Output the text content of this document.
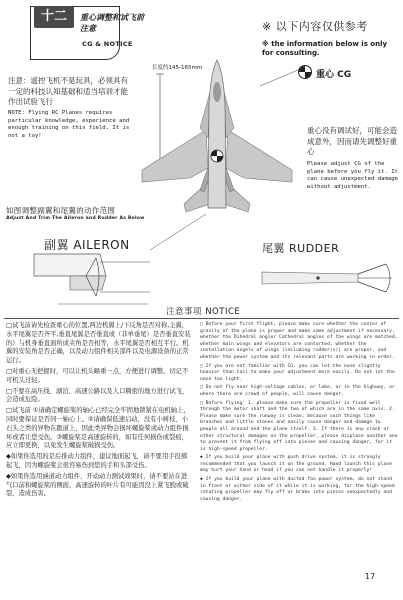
十二	重心调整和试飞前注意
CG & NOTICE
※ 以下内容仅供参考
※ the information below is only for consulting.
重心 CG
注意：遥控飞机不是玩具，必须具有一定的科技认知基础和适当培训才能作出试验飞行
NOTE: Flying RC Planes requires particular knowledge, experience and enough training on this field. It is not a toy!
重心没有调试好，可能会造成意外，因而请先调整好重心
Please adjust CG of the plane before you fly it. It can cause unexpected damage without adjustment.
长度约145-165mm
如图调整副翼和尾翼的动作范围
Adjust And Trim The Aileron and Rudder As Below
副翼 AILERON	尾翼 RUDDER
注意事项 NOTICE

□试飞前请先检查重心的位置,两边机翼上/下反角是否对称,主翼，水平尾翼是否齐平,垂直尾翼是否垂直或（非单垂尾）是否垂直安装的）与机身垂直面所成夹角是否相等，水平尾翼是否相互平行。机翼的安装角是否正确，以及动力组件相关部件以及电源设备的正常运行。

□对重心无把握时，可以让机头略重一点，方便进行调整。切记不可机头过轻。

□不要在高压线、湖泊、高速公路以及人口稠密的地方进行试飞，会造成危险。

□试飞前 ①请确定螺旋桨的轴心已经完全牢固地锁紧在电机轴上，同时要保证是否同一轴心上。②请确保低速启动，没有小树枝、小石头之类的异物在跑道上，因此类异物会损坏螺旋桨或动力组件损坏或者让您受伤。③螺旋桨是高速旋转的，如有任何损伤或裂痕，应立即更换，以免发生螺旋桨破损受伤。

◆如果你选用的是后推动力组件，建议地面起飞，请不要用手投掷起飞，因为螺旋桨会很容易伤到您的手和头部受伤。

◆如果你选用涵道动力组件，开动动力测试效果时，请不要站在进气口前和螺旋桨的侧面，高速旋转的叶片有可能因没上紧飞脱或破裂，造成伤害。

□ Before your first flight, please make sure whether the center of gravity of the plane is proper and make some adjustment if necessary, whether the Dihedral angle/ Cathedral angles of the wings are matched, whether main wings and elevators are contorted, whether the installation angels of wings (including rudder(s)) are proper, and whether the power system and its relevant parts are working in order.

□ If you are not familiar with CG, you can let the nose slightly heavier than tail to make your adjustment more easily. Do not let the nose too light.

□ Do not fly near high-voltage cables, or lake, or in the highway, or where there are crowd of people, will cause danger.

□ Before flying: 1. please make sure the propeller is fixed well through the motor shaft and the two of which are in the same axis. 2. Please make sure the runway is clean, because such things like branches and little stones and easily cause danger and damage to people all around and the plane itself. 3. If there is any crack or other structural damages on the propeller, please displace another one to prevent it from flying off into pieces and causing danger, for it is high-speed propeller.

◆ If you build your plane with push drive system, it is strongly recommended that you launch it on the ground. Hand launch this plane may hurt your hand or head if you can not handle it properly!

◆ If you build your plane with ducted fan power system, do not stand in front or either side of it while it is working, for the high-speed rotating propeller may fly off or brake into pieces unexpectedly and causing danger.

17
